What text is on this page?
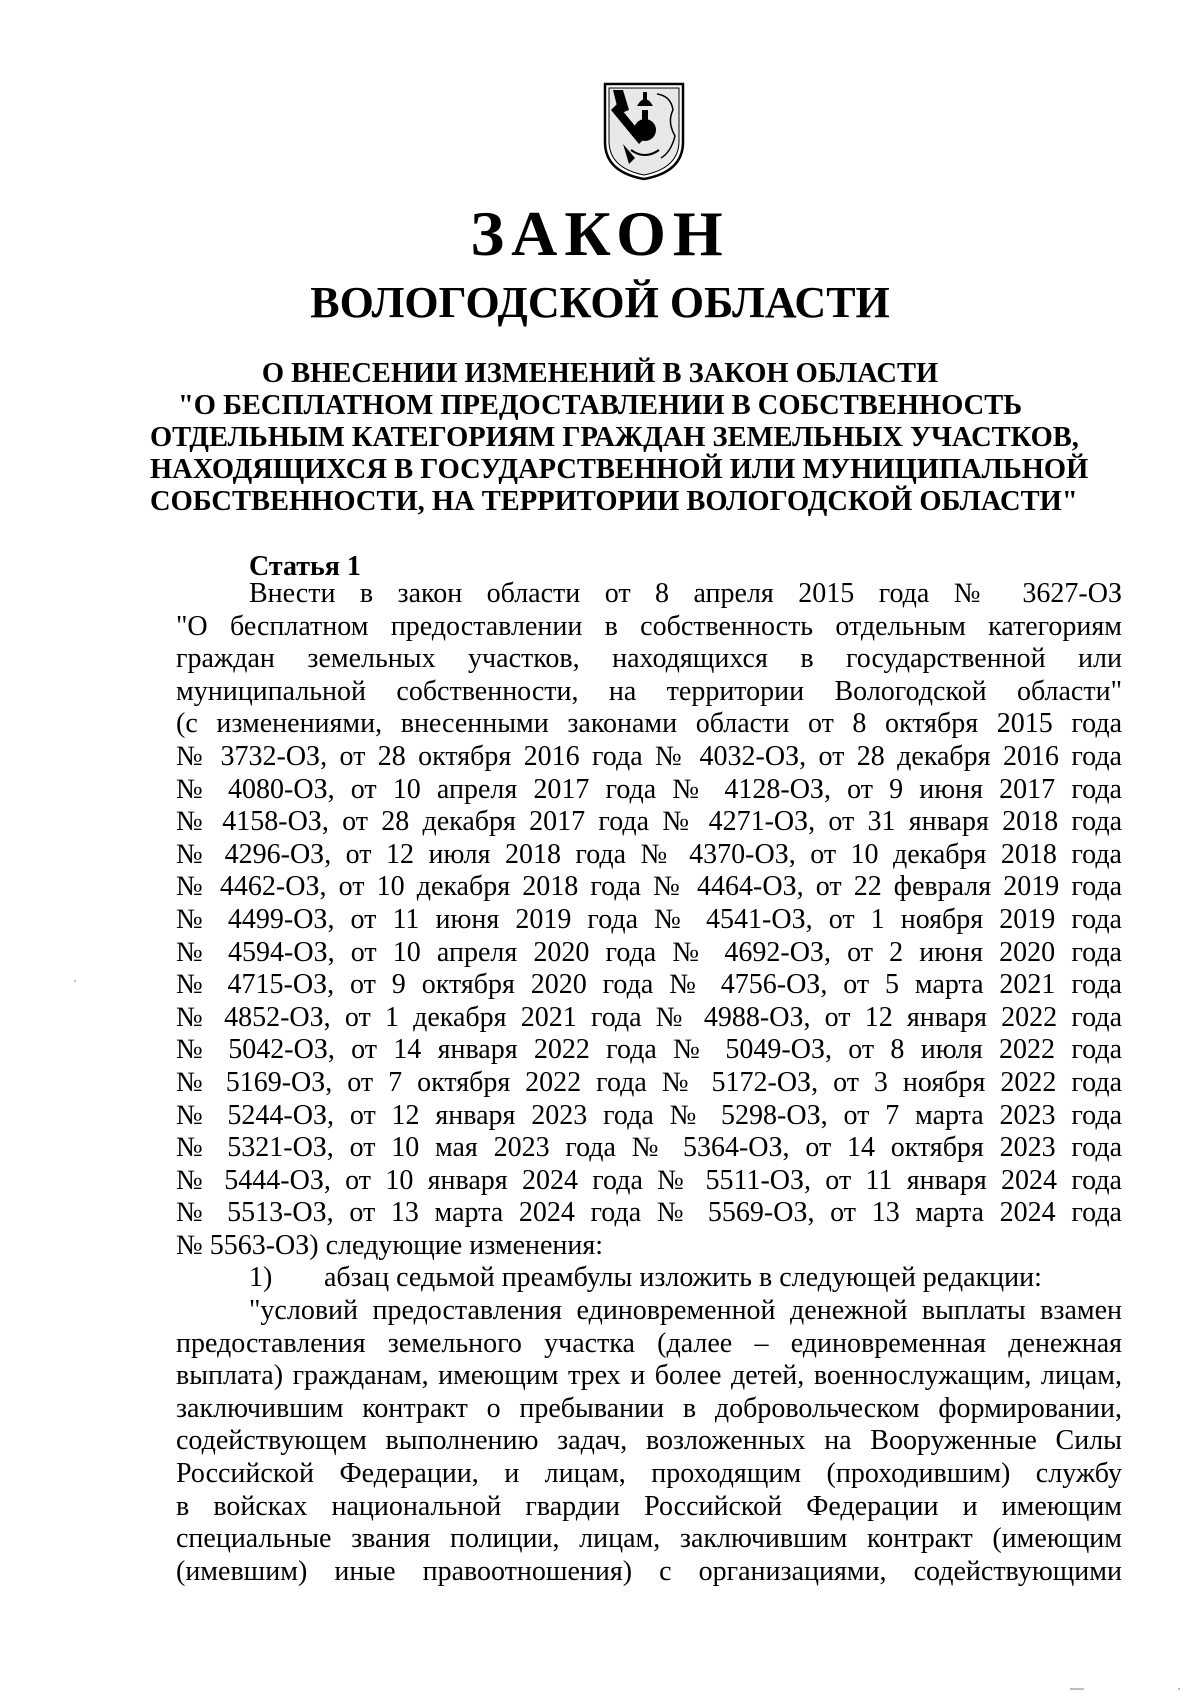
ЗАКОН
ВОЛОГОДСКОЙ ОБЛАСТИ
О ВНЕСЕНИИ ИЗМЕНЕНИЙ В ЗАКОН ОБЛАСТИ
"О БЕСПЛАТНОМ ПРЕДОСТАВЛЕНИИ В СОБСТВЕННОСТЬ
ОТДЕЛЬНЫМ КАТЕГОРИЯМ ГРАЖДАН ЗЕМЕЛЬНЫХ УЧАСТКОВ,
НАХОДЯЩИХСЯ В ГОСУДАРСТВЕННОЙ ИЛИ МУНИЦИПАЛЬНОЙ
СОБСТВЕННОСТИ, НА ТЕРРИТОРИИ ВОЛОГОДСКОЙ ОБЛАСТИ"
Статья 1
Внести в закон области от 8 апреля 2015 года № 3627-ОЗ
"О бесплатном предоставлении в собственность отдельным категориям
граждан земельных участков, находящихся в государственной или
муниципальной собственности, на территории Вологодской области"
(с изменениями, внесенными законами области от 8 октября 2015 года
№ 3732-ОЗ, от 28 октября 2016 года № 4032-ОЗ, от 28 декабря 2016 года
№ 4080-ОЗ, от 10 апреля 2017 года № 4128-ОЗ, от 9 июня 2017 года
№ 4158-ОЗ, от 28 декабря 2017 года № 4271-ОЗ, от 31 января 2018 года
№ 4296-ОЗ, от 12 июля 2018 года № 4370-ОЗ, от 10 декабря 2018 года
№ 4462-ОЗ, от 10 декабря 2018 года № 4464-ОЗ, от 22 февраля 2019 года
№ 4499-ОЗ, от 11 июня 2019 года № 4541-ОЗ, от 1 ноября 2019 года
№ 4594-ОЗ, от 10 апреля 2020 года № 4692-ОЗ, от 2 июня 2020 года
№ 4715-ОЗ, от 9 октября 2020 года № 4756-ОЗ, от 5 марта 2021 года
№ 4852-ОЗ, от 1 декабря 2021 года № 4988-ОЗ, от 12 января 2022 года
№ 5042-ОЗ, от 14 января 2022 года № 5049-ОЗ, от 8 июля 2022 года
№ 5169-ОЗ, от 7 октября 2022 года № 5172-ОЗ, от 3 ноября 2022 года
№ 5244-ОЗ, от 12 января 2023 года № 5298-ОЗ, от 7 марта 2023 года
№ 5321-ОЗ, от 10 мая 2023 года № 5364-ОЗ, от 14 октября 2023 года
№ 5444-ОЗ, от 10 января 2024 года № 5511-ОЗ, от 11 января 2024 года
№ 5513-ОЗ, от 13 марта 2024 года № 5569-ОЗ, от 13 марта 2024 года
№ 5563-ОЗ) следующие изменения:
1) абзац седьмой преамбулы изложить в следующей редакции:
"условий предоставления единовременной денежной выплаты взамен
предоставления земельного участка (далее – единовременная денежная
выплата) гражданам, имеющим трех и более детей, военнослужащим, лицам,
заключившим контракт о пребывании в добровольческом формировании,
содействующем выполнению задач, возложенных на Вооруженные Силы
Российской Федерации, и лицам, проходящим (проходившим) службу
в войсках национальной гвардии Российской Федерации и имеющим
специальные звания полиции, лицам, заключившим контракт (имеющим
(имевшим) иные правоотношения) с организациями, содействующими
